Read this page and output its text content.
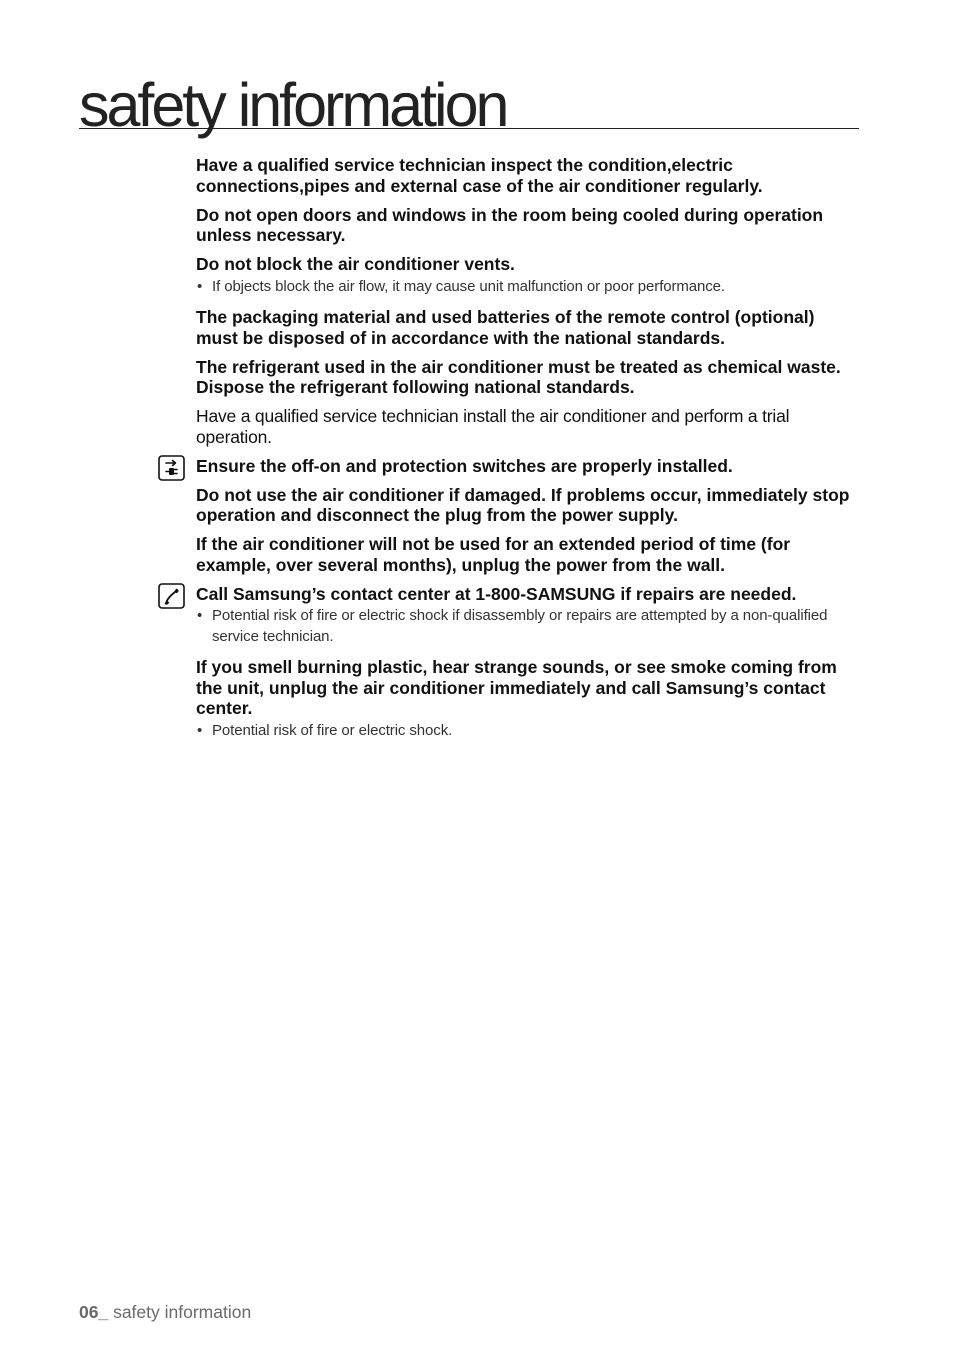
safety information

Have a qualified service technician inspect the condition,electric connections,pipes and external case of the air conditioner regularly.

Do not open doors and windows in the room being cooled during operation unless necessary.

Do not block the air conditioner vents.

• If objects block the air flow, it may cause unit malfunction or poor performance.

The packaging material and used batteries of the remote control (optional) must be disposed of in accordance with the national standards.

The refrigerant used in the air conditioner must be treated as chemical waste. Dispose the refrigerant following national standards.

Have a qualified service technician install the air conditioner and perform a trial operation.

Ensure the off-on and protection switches are properly installed.

Do not use the air conditioner if damaged. If problems occur, immediately stop operation and disconnect the plug from the power supply.

If the air conditioner will not be used for an extended period of time (for example, over several months), unplug the power from the wall.

Call Samsung’s contact center at 1-800-SAMSUNG if repairs are needed.

• Potential risk of fire or electric shock if disassembly or repairs are attempted by a non-qualified service technician.

If you smell burning plastic, hear strange sounds, or see smoke coming from the unit, unplug the air conditioner immediately and call Samsung’s contact center.

• Potential risk of fire or electric shock.
06_ safety information
